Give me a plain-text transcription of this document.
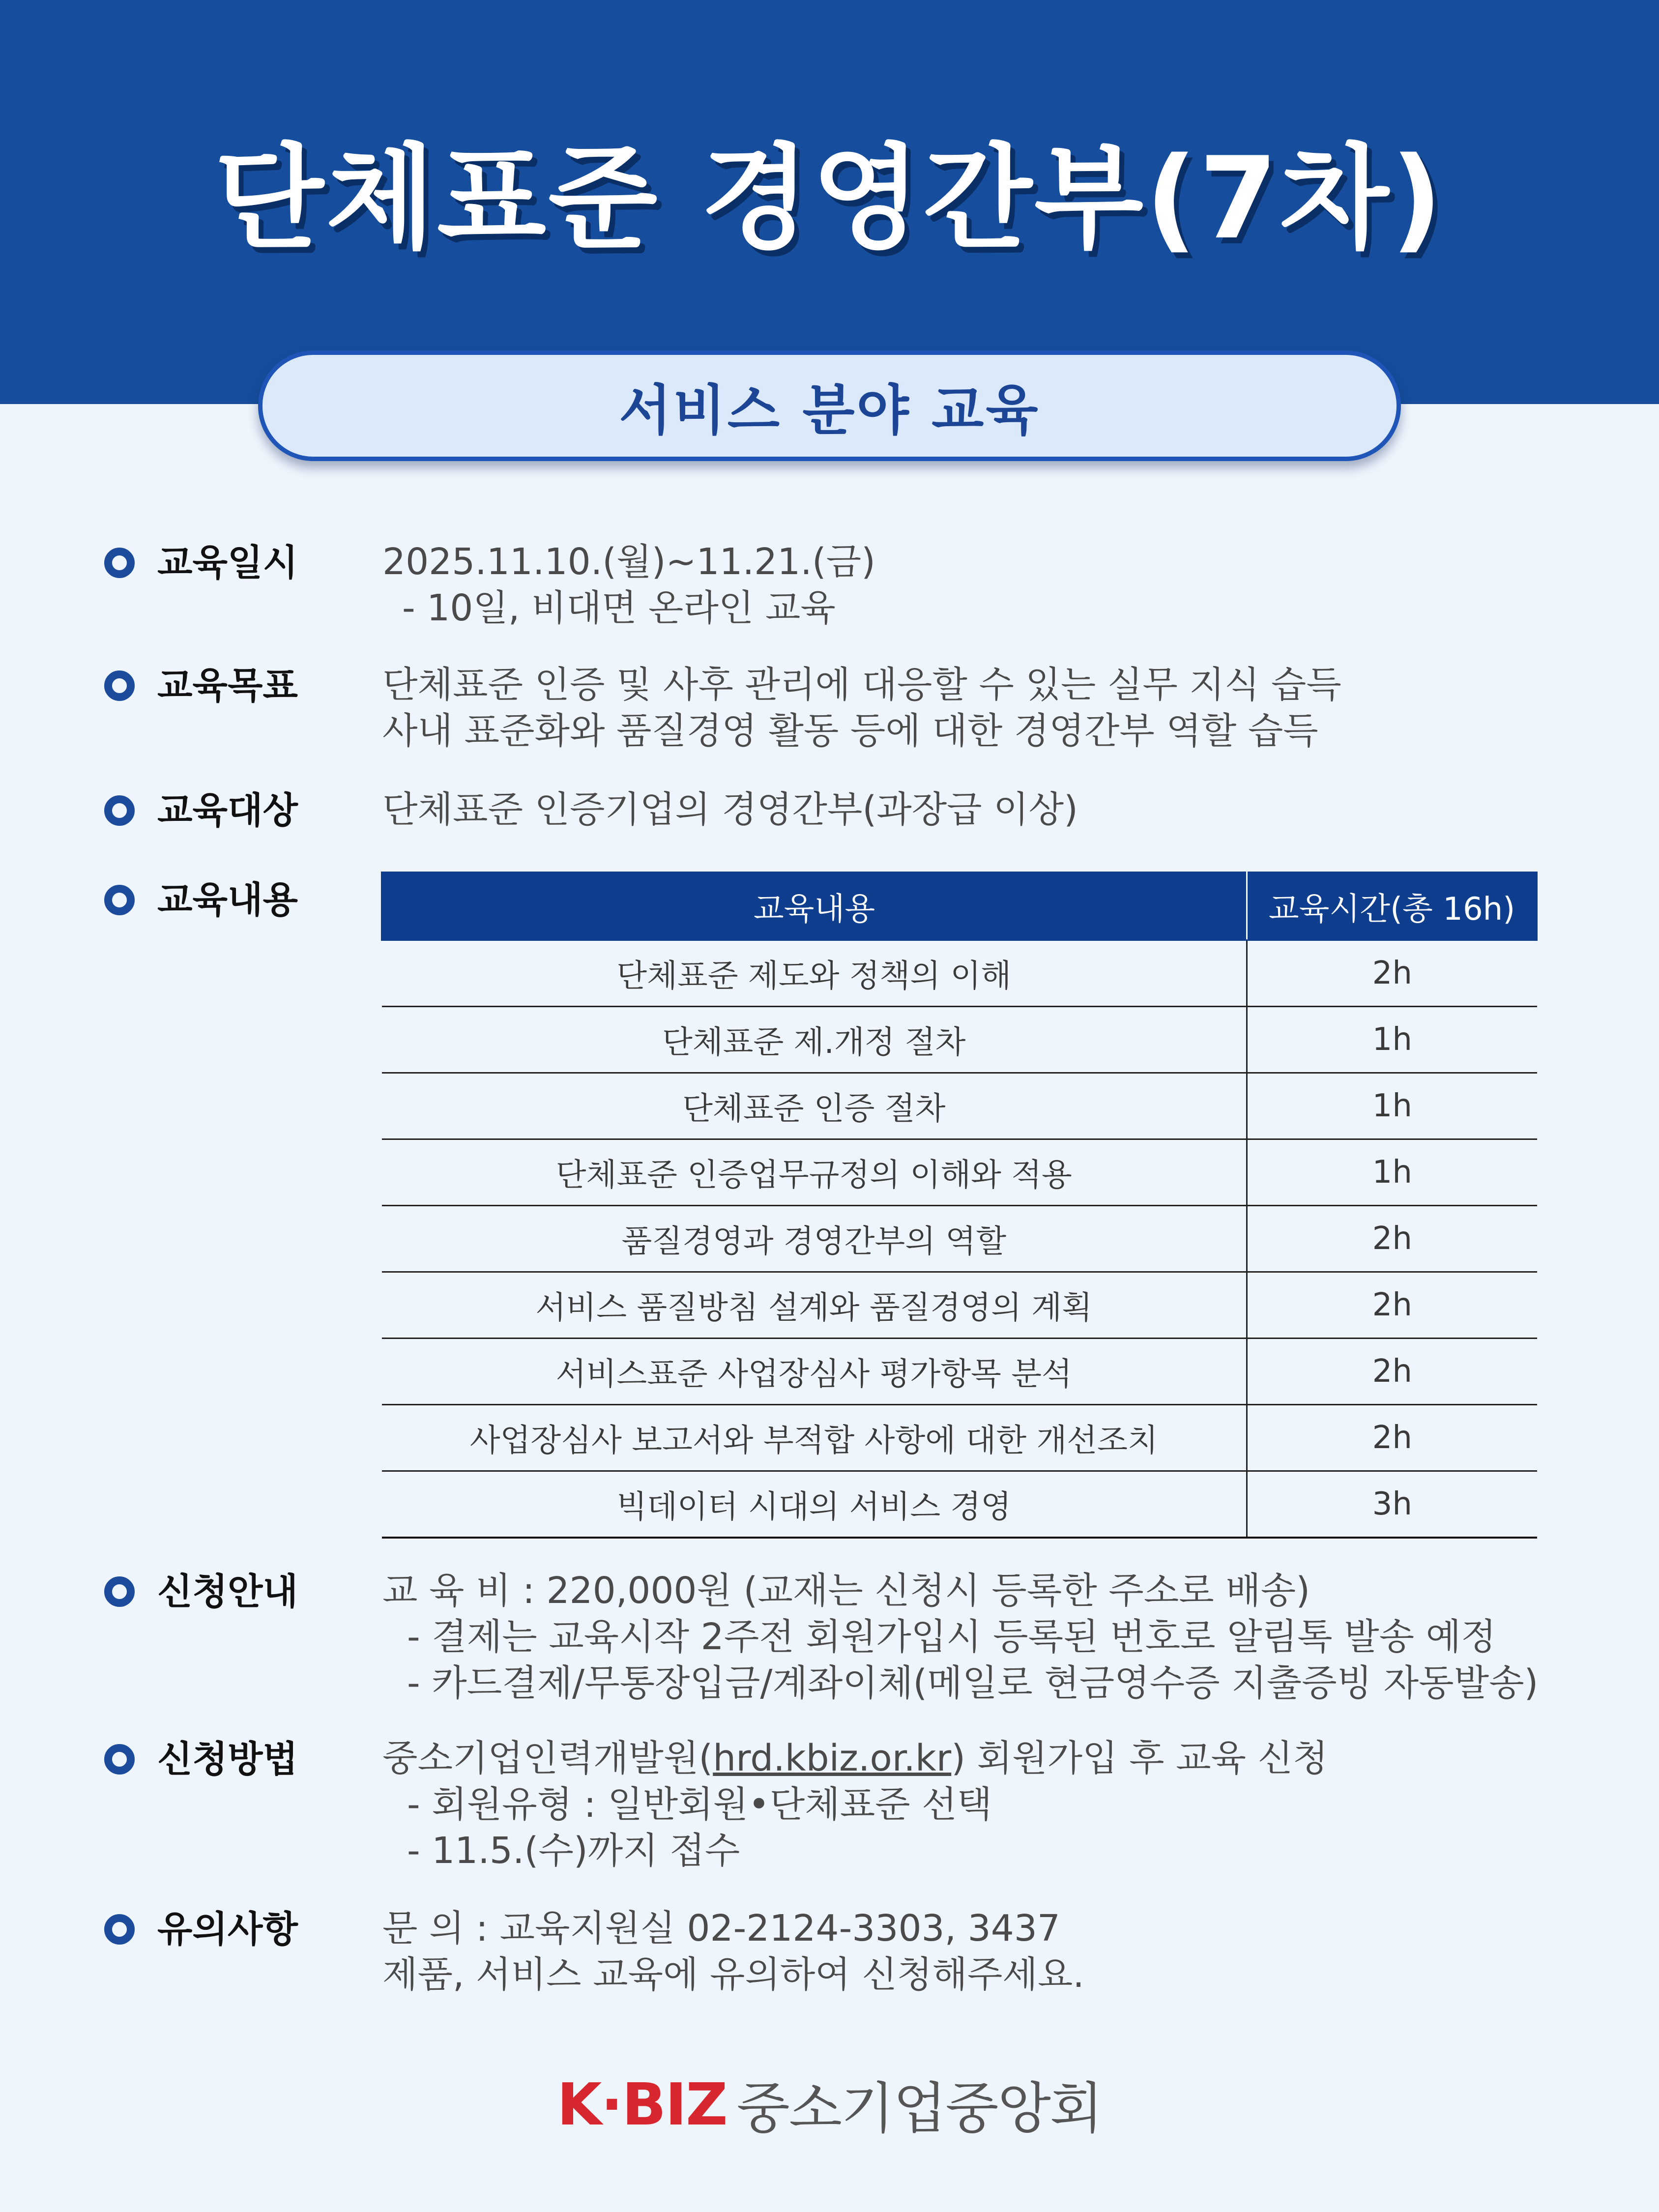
단체표준 경영간부(7차)
서비스 분야 교육
교육일시 2025.11.10.(월)~11.21.(금)
- 10일, 비대면 온라인 교육
교육목표 단체표준 인증 및 사후 관리에 대응할 수 있는 실무 지식 습득
사내 표준화와 품질경영 활동 등에 대한 경영간부 역할 습득
교육대상 단체표준 인증기업의 경영간부(과장급 이상)
교육내용	교육내용	교육시간(총 16h)
단체표준 제도와 정책의 이해	2h
단체표준 제.개정 절차	1h
단체표준 인증 절차	1h
단체표준 인증업무규정의 이해와 적용	1h
품질경영과 경영간부의 역할	2h
서비스 품질방침 설계와 품질경영의 계획	2h
서비스표준 사업장심사 평가항목 분석	2h
사업장심사 보고서와 부적합 사항에 대한 개선조치	2h
빅데이터 시대의 서비스 경영	3h
신청안내 교 육 비 : 220,000원 (교재는 신청시 등록한 주소로 배송)
- 결제는 교육시작 2주전 회원가입시 등록된 번호로 알림톡 발송 예정
- 카드결제/무통장입금/계좌이체(메일로 현금영수증 지출증빙 자동발송)
신청방법 중소기업인력개발원(hrd.kbiz.or.kr) 회원가입 후 교육 신청
- 회원유형 : 일반회원•단체표준 선택
- 11.5.(수)까지 접수
유의사항 문 의 : 교육지원실 02-2124-3303, 3437
제품, 서비스 교육에 유의하여 신청해주세요.
K·BIZ 중소기업중앙회
